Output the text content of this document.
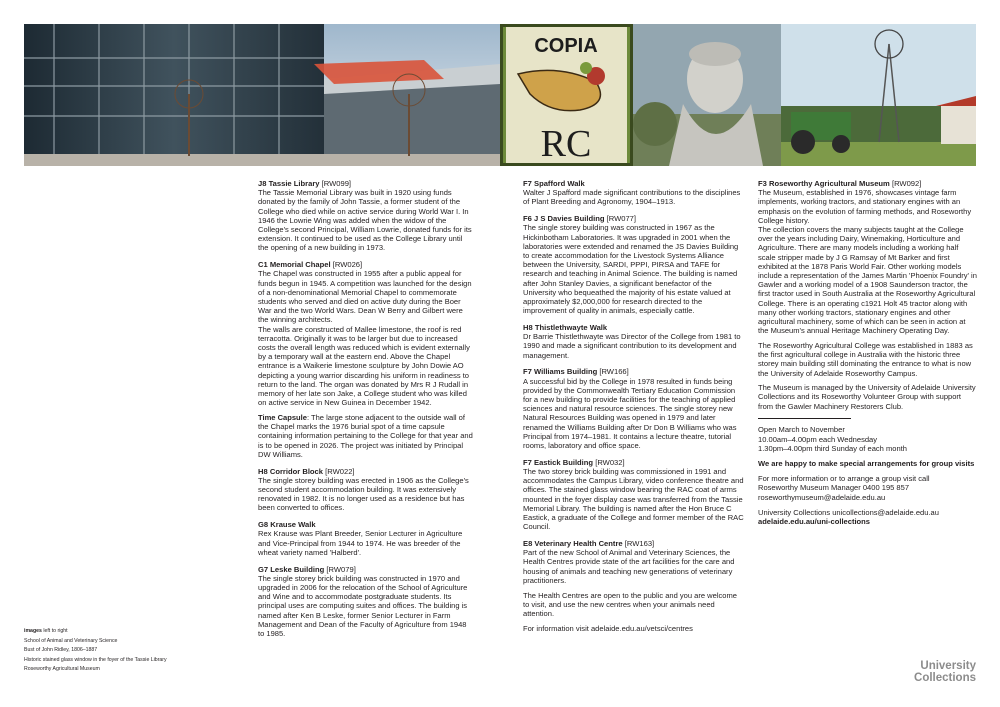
COPIA
RC
J8 Tassie Library [RW099]

The Tassie Memorial Library was built in 1920 using funds donated by the family of John Tassie, a former student of the College who died while on active service during World War I. In 1946 the Lowrie Wing was added when the widow of the College's second Principal, William Lowrie, donated funds for its extension. It continued to be used as the College Library until the opening of a new building in 1973.

C1 Memorial Chapel [RW026]

The Chapel was constructed in 1955 after a public appeal for funds begun in 1945. A competition was launched for the design of a non-denominational Memorial Chapel to commemorate students who served and died on active duty during the Boer War and the two World Wars. Dean W Berry and Gilbert were the winning architects.

The walls are constructed of Mallee limestone, the roof is red terracotta. Originally it was to be larger but due to increased costs the overall length was reduced which is evident externally by a temporary wall at the eastern end. Above the Chapel entrance is a Waikerie limestone sculpture by John Dowie AO depicting a young warrior discarding his uniform in readiness to return to the land. The organ was donated by Mrs R J Rudall in memory of her late son Jake, a College student who was killed on active service in New Guinea in December 1942.

Time Capsule: The large stone adjacent to the outside wall of the Chapel marks the 1976 burial spot of a time capsule containing information pertaining to the College for that year and is to be opened in 2026. The project was initiated by Principal DW Williams.

H8 Corridor Block [RW022]

The single storey building was erected in 1906 as the College's second student accommodation building. It was extensively renovated in 1982. It is no longer used as a residence but has been converted to offices.

G8 Krause Walk

Rex Krause was Plant Breeder, Senior Lecturer in Agriculture and Vice-Principal from 1944 to 1974. He was breeder of the wheat variety named 'Halberd'.

G7 Leske Building [RW079]

The single storey brick building was constructed in 1970 and upgraded in 2006 for the relocation of the School of Agriculture and Wine and to accommodate postgraduate students. Its principal uses are computing suites and offices. The building is named after Ken B Leske, former Senior Lecturer in Farm Management and Dean of the Faculty of Agriculture from 1948 to 1985.

F7 Spafford Walk

Walter J Spafford made significant contributions to the disciplines of Plant Breeding and Agronomy, 1904–1913.

F6 J S Davies Building [RW077]

The single storey building was constructed in 1967 as the Hickinbotham Laboratories. It was upgraded in 2001 when the laboratories were extended and renamed the JS Davies Building to create accommodation for the Livestock Systems Alliance between the University, SARDI, PPPI, PIRSA and TAFE for research and teaching in Animal Science. The building is named after John Stanley Davies, a significant benefactor of the University who bequeathed the majority of his estate valued at approximately $2,000,000 for research directed to the improvement of quality in animals, especially cattle.

H8 Thistlethwayte Walk

Dr Barrie Thistlethwayte was Director of the College from 1981 to 1990 and made a significant contribution to its development and management.

F7 Williams Building [RW166]

A successful bid by the College in 1978 resulted in funds being provided by the Commonwealth Tertiary Education Commission for a new building to provide facilities for the teaching of applied sciences and natural resource sciences. The single storey new Natural Resources Building was opened in 1979 and later renamed the Williams Building after Dr Don B Williams who was Principal from 1974–1981. It contains a lecture theatre, tutorial rooms, laboratory and office space.

F7 Eastick Building [RW032]

The two storey brick building was commissioned in 1991 and accommodates the Campus Library, video conference theatre and offices. The stained glass window bearing the RAC coat of arms mounted in the foyer display case was transferred from the Tassie Memorial Library. The building is named after the Hon Bruce C Eastick, a graduate of the College and former member of the RAC Council.

E8 Veterinary Health Centre [RW163]

Part of the new School of Animal and Veterinary Sciences, the Health Centres provide state of the art facilities for the care and housing of animals and teaching new generations of veterinary practitioners.

The Health Centres are open to the public and you are welcome to visit, and use the new centres when your animals need attention.

For information visit adelaide.edu.au/vetsci/centres

F3 Roseworthy Agricultural Museum [RW092]

The Museum, established in 1976, showcases vintage farm implements, working tractors, and stationary engines with an emphasis on the evolution of farming methods, and Roseworthy College history.

The collection covers the many subjects taught at the College over the years including Dairy, Winemaking, Horticulture and Agriculture. There are many models including a working half scale stripper made by J G Ramsay of Mt Barker and first exhibited at the 1878 Paris World Fair. Other working models include a representation of the James Martin 'Phoenix Foundry' in Gawler and a working model of a 1908 Saunderson tractor, the first tractor used in South Australia at the Roseworthy Agricultural College. There is an operating c1921 Holt 45 tractor along with many other working tractors, stationary engines and other agricultural machinery, some of which can be seen in action at the Museum's annual Heritage Machinery Operating Day.

The Roseworthy Agricultural College was established in 1883 as the first agricultural college in Australia with the historic three storey main building still dominating the entrance to what is now the University of Adelaide Roseworthy Campus.

The Museum is managed by the University of Adelaide University Collections and its Roseworthy Volunteer Group with support from the Gawler Machinery Restorers Club.

Open March to November
10.00am–4.00pm each Wednesday
1.30pm–4.00pm third Sunday of each month

We are happy to make special arrangements for group visits

For more information or to arrange a group visit call
Roseworthy Museum Manager 0400 195 857
roseworthymuseum@adelaide.edu.au

University Collections unicollections@adelaide.edu.au
adelaide.edu.au/uni-collections

images left to right
School of Animal and Veterinary Science
Bust of John Ridley, 1806–1887
Historic stained glass window in the foyer of the Tassie Library
Roseworthy Agricultural Museum	University
Collections
